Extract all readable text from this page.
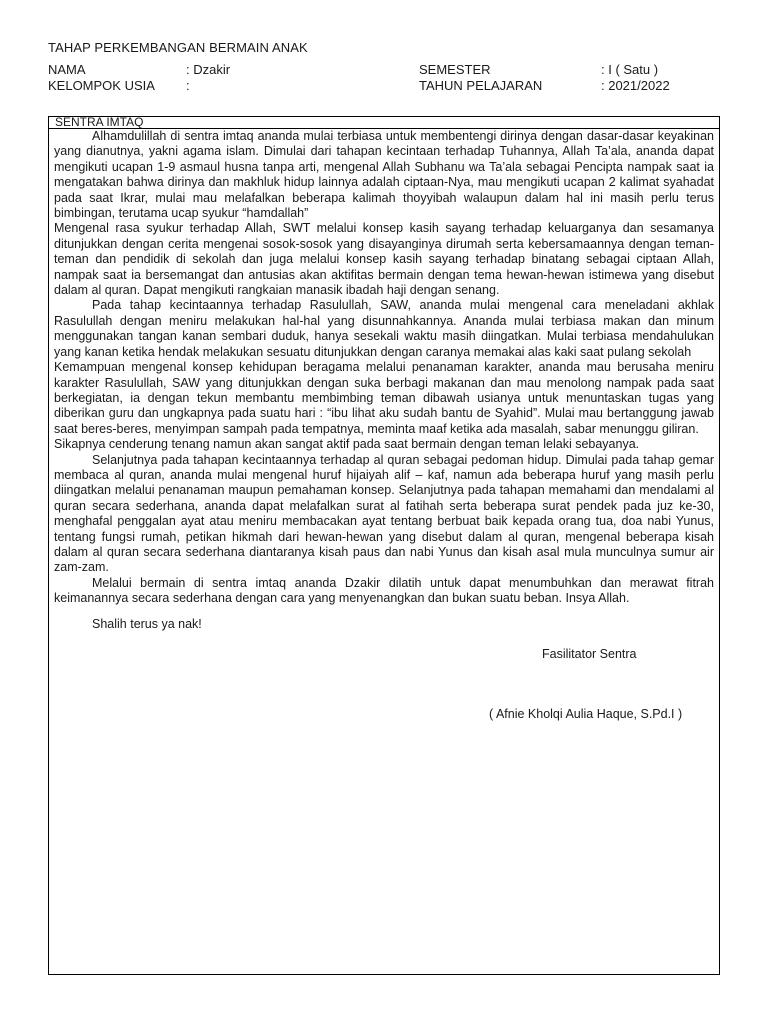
TAHAP PERKEMBANGAN BERMAIN ANAK
NAMA	: Dzakir
KELOMPOK USIA	:
SEMESTER	: I ( Satu )
TAHUN PELAJARAN	: 2021/2022
SENTRA IMTAQ

Alhamdulillah di sentra imtaq ananda mulai terbiasa untuk membentengi dirinya dengan dasar-dasar keyakinan yang dianutnya, yakni agama islam. Dimulai dari tahapan kecintaan terhadap Tuhannya, Allah Ta’ala, ananda dapat mengikuti ucapan 1-9 asmaul husna tanpa arti, mengenal Allah Subhanu wa Ta’ala sebagai Pencipta nampak saat ia mengatakan bahwa dirinya dan makhluk hidup lainnya adalah ciptaan-Nya, mau mengikuti ucapan 2 kalimat syahadat pada saat Ikrar, mulai mau melafalkan beberapa kalimah thoyyibah walaupun dalam hal ini masih perlu terus bimbingan, terutama ucap syukur “hamdallah”

Mengenal rasa syukur terhadap Allah, SWT melalui konsep kasih sayang terhadap keluarganya dan sesamanya ditunjukkan dengan cerita mengenai sosok-sosok yang disayanginya dirumah serta kebersamaannya dengan teman-teman dan pendidik di sekolah dan juga melalui konsep kasih sayang terhadap binatang sebagai ciptaan Allah, nampak saat ia bersemangat dan antusias akan aktifitas bermain dengan tema hewan-hewan istimewa yang disebut dalam al quran. Dapat mengikuti rangkaian manasik ibadah haji dengan senang.

Pada tahap kecintaannya terhadap Rasulullah, SAW, ananda mulai mengenal cara meneladani akhlak Rasulullah dengan meniru melakukan hal-hal yang disunnahkannya. Ananda mulai terbiasa makan dan minum menggunakan tangan kanan sembari duduk, hanya sesekali waktu masih diingatkan. Mulai terbiasa mendahulukan yang kanan ketika hendak melakukan sesuatu ditunjukkan dengan caranya memakai alas kaki saat pulang sekolah

Kemampuan mengenal konsep kehidupan beragama melalui penanaman karakter, ananda mau berusaha meniru karakter Rasulullah, SAW yang ditunjukkan dengan suka berbagi makanan dan mau menolong nampak pada saat berkegiatan, ia dengan tekun membantu membimbing teman dibawah usianya untuk menuntaskan tugas yang diberikan guru dan ungkapnya pada suatu hari : “ibu lihat aku sudah bantu de Syahid”. Mulai mau bertanggung jawab saat beres-beres, menyimpan sampah pada tempatnya, meminta maaf ketika ada masalah, sabar menunggu giliran.

Sikapnya cenderung tenang namun akan sangat aktif pada saat bermain dengan teman lelaki sebayanya.

Selanjutnya pada tahapan kecintaannya terhadap al quran sebagai pedoman hidup. Dimulai pada tahap gemar membaca al quran, ananda mulai mengenal huruf hijaiyah alif – kaf, namun ada beberapa huruf yang masih perlu diingatkan melalui penanaman maupun pemahaman konsep. Selanjutnya pada tahapan memahami dan mendalami al quran secara sederhana, ananda dapat melafalkan surat al fatihah serta beberapa surat pendek pada juz ke-30, menghafal penggalan ayat atau meniru membacakan ayat tentang berbuat baik kepada orang tua, doa nabi Yunus, tentang fungsi rumah, petikan hikmah dari hewan-hewan yang disebut dalam al quran, mengenal beberapa kisah dalam al quran secara sederhana diantaranya kisah paus dan nabi Yunus dan kisah asal mula munculnya sumur air zam-zam.

Melalui bermain di sentra imtaq ananda Dzakir dilatih untuk dapat menumbuhkan dan merawat fitrah keimanannya secara sederhana dengan cara yang menyenangkan dan bukan suatu beban. Insya Allah.

Shalih terus ya nak!
Fasilitator Sentra
( Afnie Kholqi Aulia Haque, S.Pd.I )
